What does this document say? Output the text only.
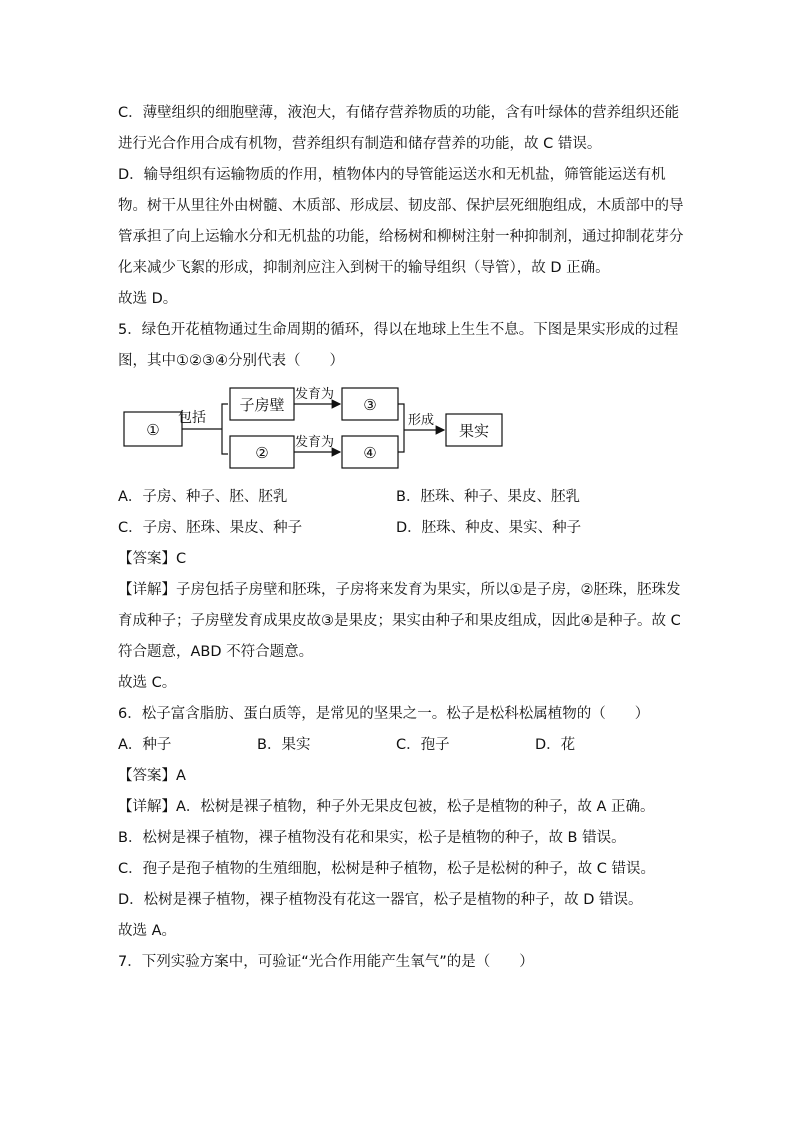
C．薄壁组织的细胞壁薄，液泡大，有储存营养物质的功能，含有叶绿体的营养组织还能
进行光合作用合成有机物，营养组织有制造和储存营养的功能，故 C 错误。
D．输导组织有运输物质的作用，植物体内的导管能运送水和无机盐，筛管能运送有机
物。树干从里往外由树髓、木质部、形成层、韧皮部、保护层死细胞组成，木质部中的导
管承担了向上运输水分和无机盐的功能，给杨树和柳树注射一种抑制剂，通过抑制花芽分
化来减少飞絮的形成，抑制剂应注入到树干的输导组织（导管），故 D 正确。
故选 D。
5．绿色开花植物通过生命周期的循环，得以在地球上生生不息。下图是果实形成的过程
图，其中①②③④分别代表（　　）
①
包括
子房壁
②
发育为
发育为
③
④
形成
果实
A．子房、种子、胚、胚乳	B．胚珠、种子、果皮、胚乳
C．子房、胚珠、果皮、种子	D．胚珠、种皮、果实、种子
【答案】C
【详解】子房包括子房壁和胚珠，子房将来发育为果实，所以①是子房，②胚珠，胚珠发
育成种子；子房壁发育成果皮故③是果皮；果实由种子和果皮组成，因此④是种子。故 C
符合题意，ABD 不符合题意。
故选 C。
6．松子富含脂肪、蛋白质等，是常见的坚果之一。松子是松科松属植物的（　　）
A．种子	B．果实	C．孢子	D．花
【答案】A
【详解】A．松树是裸子植物，种子外无果皮包被，松子是植物的种子，故 A 正确。
B．松树是裸子植物，裸子植物没有花和果实，松子是植物的种子，故 B 错误。
C．孢子是孢子植物的生殖细胞，松树是种子植物，松子是松树的种子，故 C 错误。
D．松树是裸子植物，裸子植物没有花这一器官，松子是植物的种子，故 D 错误。
故选 A。
7．下列实验方案中，可验证“光合作用能产生氧气”的是（　　）
